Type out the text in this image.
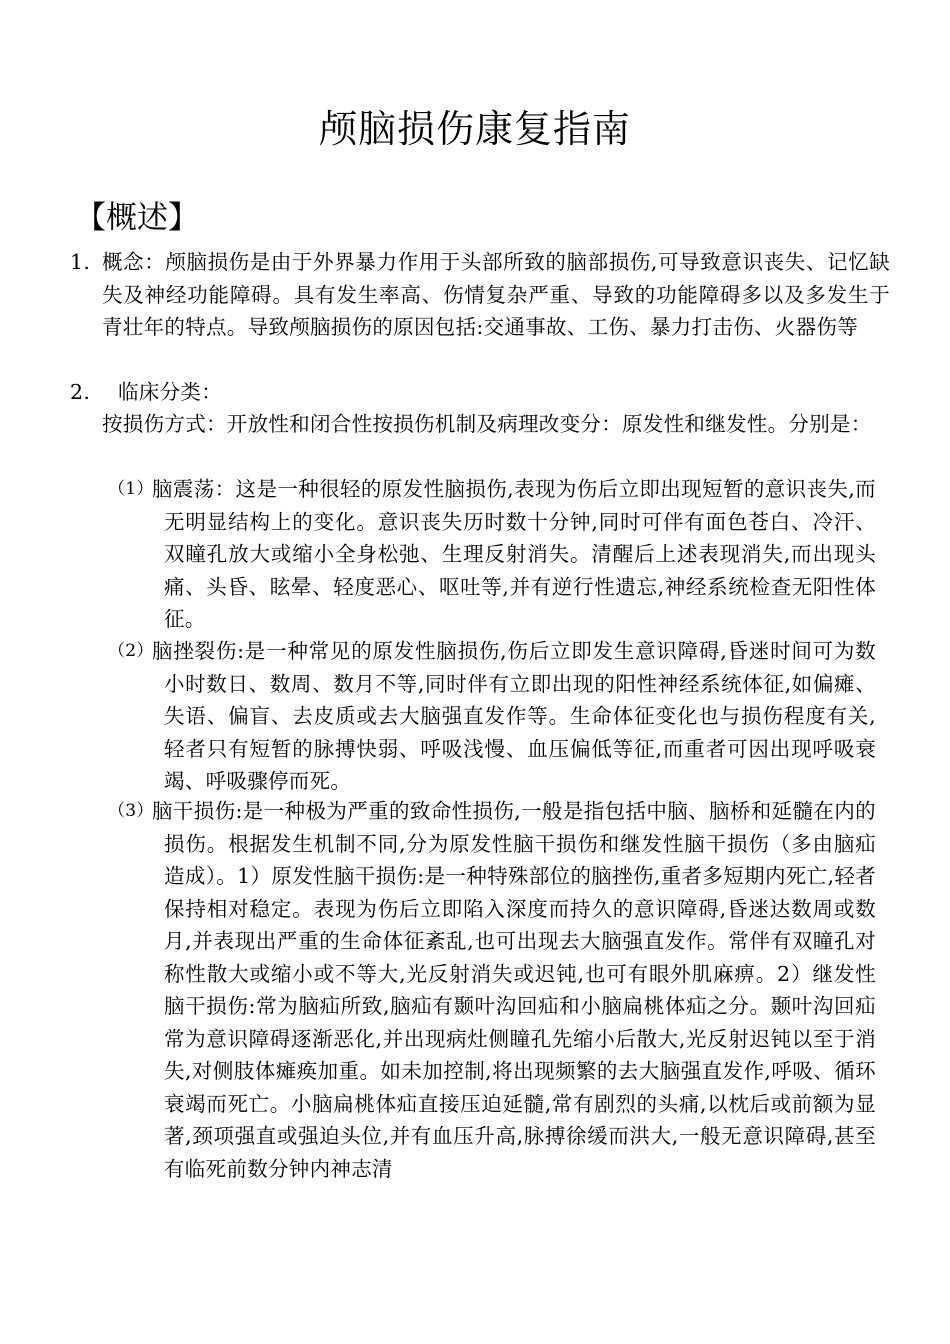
颅脑损伤康复指南
【概述】
1. 概念：颅脑损伤是由于外界暴力作用于头部所致的脑部损伤,可导致意识丧失、记忆缺失及神经功能障碍。具有发生率高、伤情复杂严重、导致的功能障碍多以及多发生于青壮年的特点。导致颅脑损伤的原因包括:交通事故、工伤、暴力打击伤、火器伤等
2. 临床分类：
按损伤方式：开放性和闭合性按损伤机制及病理改变分：原发性和继发性。分别是：
（1）
脑震荡：这是一种很轻的原发性脑损伤,表现为伤后立即出现短暂的意识丧失,而无明显结构上的变化。意识丧失历时数十分钟,同时可伴有面色苍白、冷汗、双瞳孔放大或缩小全身松弛、生理反射消失。清醒后上述表现消失,而出现头痛、头昏、眩晕、轻度恶心、呕吐等,并有逆行性遗忘,神经系统检查无阳性体征。
（2）
脑挫裂伤:是一种常见的原发性脑损伤,伤后立即发生意识障碍,昏迷时间可为数小时数日、数周、数月不等,同时伴有立即出现的阳性神经系统体征,如偏瘫、失语、偏盲、去皮质或去大脑强直发作等。生命体征变化也与损伤程度有关,轻者只有短暂的脉搏快弱、呼吸浅慢、血压偏低等征,而重者可因出现呼吸衰竭、呼吸骤停而死。
（3）
脑干损伤:是一种极为严重的致命性损伤,一般是指包括中脑、脑桥和延髓在内的损伤。根据发生机制不同,分为原发性脑干损伤和继发性脑干损伤（多由脑疝造成）。1）原发性脑干损伤:是一种特殊部位的脑挫伤,重者多短期内死亡,轻者保持相对稳定。表现为伤后立即陷入深度而持久的意识障碍,昏迷达数周或数月,并表现出严重的生命体征紊乱,也可出现去大脑强直发作。常伴有双瞳孔对称性散大或缩小或不等大,光反射消失或迟钝,也可有眼外肌麻痹。2）继发性脑干损伤:常为脑疝所致,脑疝有颞叶沟回疝和小脑扁桃体疝之分。颞叶沟回疝常为意识障碍逐渐恶化,并出现病灶侧瞳孔先缩小后散大,光反射迟钝以至于消失,对侧肢体瘫痪加重。如未加控制,将出现频繁的去大脑强直发作,呼吸、循环衰竭而死亡。小脑扁桃体疝直接压迫延髓,常有剧烈的头痛,以枕后或前额为显著,颈项强直或强迫头位,并有血压升高,脉搏徐缓而洪大,一般无意识障碍,甚至有临死前数分钟内神志清
